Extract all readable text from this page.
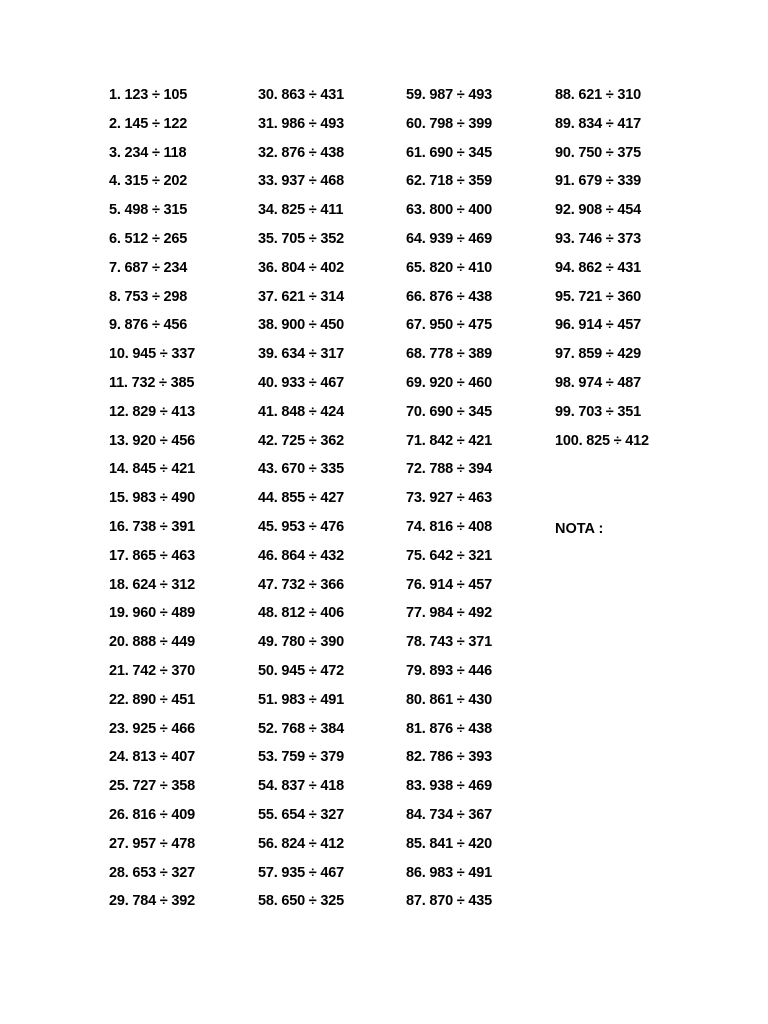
1. 123 ÷ 105
2. 145 ÷ 122
3. 234 ÷ 118
4. 315 ÷ 202
5. 498 ÷ 315
6. 512 ÷ 265
7. 687 ÷ 234
8. 753 ÷ 298
9. 876 ÷ 456
10. 945 ÷ 337
11. 732 ÷ 385
12. 829 ÷ 413
13. 920 ÷ 456
14. 845 ÷ 421
15. 983 ÷ 490
16. 738 ÷ 391
17. 865 ÷ 463
18. 624 ÷ 312
19. 960 ÷ 489
20. 888 ÷ 449
21. 742 ÷ 370
22. 890 ÷ 451
23. 925 ÷ 466
24. 813 ÷ 407
25. 727 ÷ 358
26. 816 ÷ 409
27. 957 ÷ 478
28. 653 ÷ 327
29. 784 ÷ 392
30. 863 ÷ 431
31. 986 ÷ 493
32. 876 ÷ 438
33. 937 ÷ 468
34. 825 ÷ 411
35. 705 ÷ 352
36. 804 ÷ 402
37. 621 ÷ 314
38. 900 ÷ 450
39. 634 ÷ 317
40. 933 ÷ 467
41. 848 ÷ 424
42. 725 ÷ 362
43. 670 ÷ 335
44. 855 ÷ 427
45. 953 ÷ 476
46. 864 ÷ 432
47. 732 ÷ 366
48. 812 ÷ 406
49. 780 ÷ 390
50. 945 ÷ 472
51. 983 ÷ 491
52. 768 ÷ 384
53. 759 ÷ 379
54. 837 ÷ 418
55. 654 ÷ 327
56. 824 ÷ 412
57. 935 ÷ 467
58. 650 ÷ 325
59. 987 ÷ 493
60. 798 ÷ 399
61. 690 ÷ 345
62. 718 ÷ 359
63. 800 ÷ 400
64. 939 ÷ 469
65. 820 ÷ 410
66. 876 ÷ 438
67. 950 ÷ 475
68. 778 ÷ 389
69. 920 ÷ 460
70. 690 ÷ 345
71. 842 ÷ 421
72. 788 ÷ 394
73. 927 ÷ 463
74. 816 ÷ 408
75. 642 ÷ 321
76. 914 ÷ 457
77. 984 ÷ 492
78. 743 ÷ 371
79. 893 ÷ 446
80. 861 ÷ 430
81. 876 ÷ 438
82. 786 ÷ 393
83. 938 ÷ 469
84. 734 ÷ 367
85. 841 ÷ 420
86. 983 ÷ 491
87. 870 ÷ 435
88. 621 ÷ 310
89. 834 ÷ 417
90. 750 ÷ 375
91. 679 ÷ 339
92. 908 ÷ 454
93. 746 ÷ 373
94. 862 ÷ 431
95. 721 ÷ 360
96. 914 ÷ 457
97. 859 ÷ 429
98. 974 ÷ 487
99. 703 ÷ 351
100. 825 ÷ 412
NOTA :
